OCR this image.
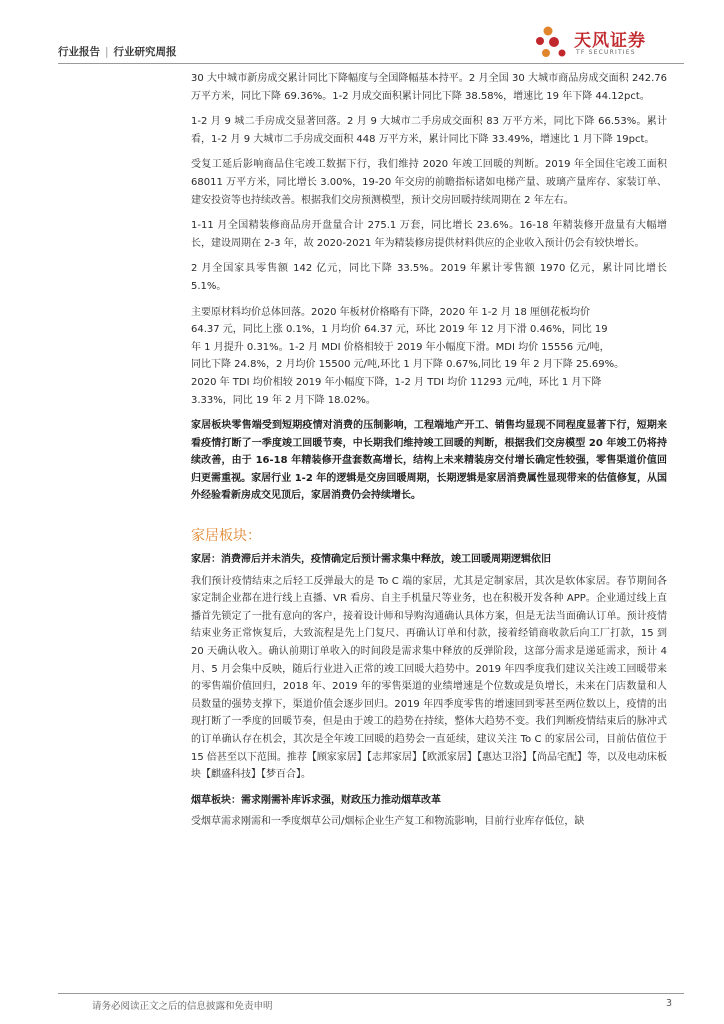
行业报告 | 行业研究周报
天风证券
TF SECURITIES

30 大中城市新房成交累计同比下降幅度与全国降幅基本持平。2 月全国 30 大城市商品房成交面积 242.76 万平方米，同比下降 69.36%。1-2 月成交面积累计同比下降 38.58%，增速比 19 年下降 44.12pct。

1-2 月 9 城二手房成交显著回落。2 月 9 大城市二手房成交面积 83 万平方米，同比下降 66.53%。累计看，1-2 月 9 大城市二手房成交面积 448 万平方米，累计同比下降 33.49%，增速比 1 月下降 19pct。

受复工延后影响商品住宅竣工数据下行，我们维持 2020 年竣工回暖的判断。2019 年全国住宅竣工面积 68011 万平方米，同比增长 3.00%，19-20 年交房的前瞻指标诸如电梯产量、玻璃产量库存、家装订单、建安投资等也持续改善。根据我们交房预测模型，预计交房回暖持续周期在 2 年左右。

1-11 月全国精装修商品房开盘量合计 275.1 万套，同比增长 23.6%。16-18 年精装修开盘量有大幅增长，建设周期在 2-3 年，故 2020-2021 年为精装修房提供材料供应的企业收入预计仍会有较快增长。

2 月全国家具零售额 142 亿元，同比下降 33.5%。2019 年累计零售额 1970 亿元，累计同比增长 5.1%。

主要原材料均价总体回落。2020 年板材价格略有下降，2020 年 1-2 月 18 厘刨花板均价
64.37 元，同比上涨 0.1%，1 月均价 64.37 元，环比 2019 年 12 月下滑 0.46%，同比 19
年 1 月提升 0.31%。1-2 月 MDI 价格相较于 2019 年小幅度下滑。MDI 均价 15556 元/吨，
同比下降 24.8%，2 月均价 15500 元/吨,环比 1 月下降 0.67%,同比 19 年 2 月下降 25.69%。
2020 年 TDI 均价相较 2019 年小幅度下降，1-2 月 TDI 均价 11293 元/吨，环比 1 月下降
3.33%，同比 19 年 2 月下降 18.02%。

家居板块零售端受到短期疫情对消费的压制影响，工程端地产开工、销售均显现不同程度显著下行，短期来看疫情打断了一季度竣工回暖节奏，中长期我们维持竣工回暖的判断，根据我们交房模型 20 年竣工仍将持续改善，由于 16-18 年精装修开盘套数高增长，结构上未来精装房交付增长确定性较强，零售渠道价值回归更需重视。家居行业 1-2 年的逻辑是交房回暖周期，长期逻辑是家居消费属性显现带来的估值修复，从国外经验看新房成交见顶后，家居消费仍会持续增长。

家居板块：
家居：消费滞后并未消失，疫情确定后预计需求集中释放，竣工回暖周期逻辑依旧

我们预计疫情结束之后轻工反弹最大的是 To C 端的家居，尤其是定制家居，其次是软体家居。春节期间各家定制企业都在进行线上直播、VR 看房、自主手机量尺等业务，也在积极开发各种 APP。企业通过线上直播首先锁定了一批有意向的客户，接着设计师和导购沟通确认具体方案，但是无法当面确认订单。预计疫情结束业务正常恢复后，大致流程是先上门复尺、再确认订单和付款，接着经销商收款后向工厂打款，15 到 20 天确认收入。确认前期订单收入的时间段是需求集中释放的反弹阶段，这部分需求是递延需求，预计 4 月、5 月会集中反映，随后行业进入正常的竣工回暖大趋势中。2019 年四季度我们建议关注竣工回暖带来的零售端价值回归，2018 年、2019 年的零售渠道的业绩增速是个位数或是负增长，未来在门店数量和人员数量的强势支撑下，渠道价值会逐步回归。2019 年四季度零售的增速回到零甚至两位数以上，疫情的出现打断了一季度的回暖节奏，但是由于竣工的趋势在持续，整体大趋势不变。我们判断疫情结束后的脉冲式的订单确认存在机会，其次是全年竣工回暖的趋势会一直延续，建议关注 To C 的家居公司，目前估值位于 15 倍甚至以下范围。推荐【顾家家居】【志邦家居】【欧派家居】【惠达卫浴】【尚品宅配】等，以及电动床板块【麒盛科技】【梦百合】。

烟草板块：需求刚需补库诉求强，财政压力推动烟草改革

受烟草需求刚需和一季度烟草公司/烟标企业生产复工和物流影响，目前行业库存低位，缺

请务必阅读正文之后的信息披露和免责申明	3
